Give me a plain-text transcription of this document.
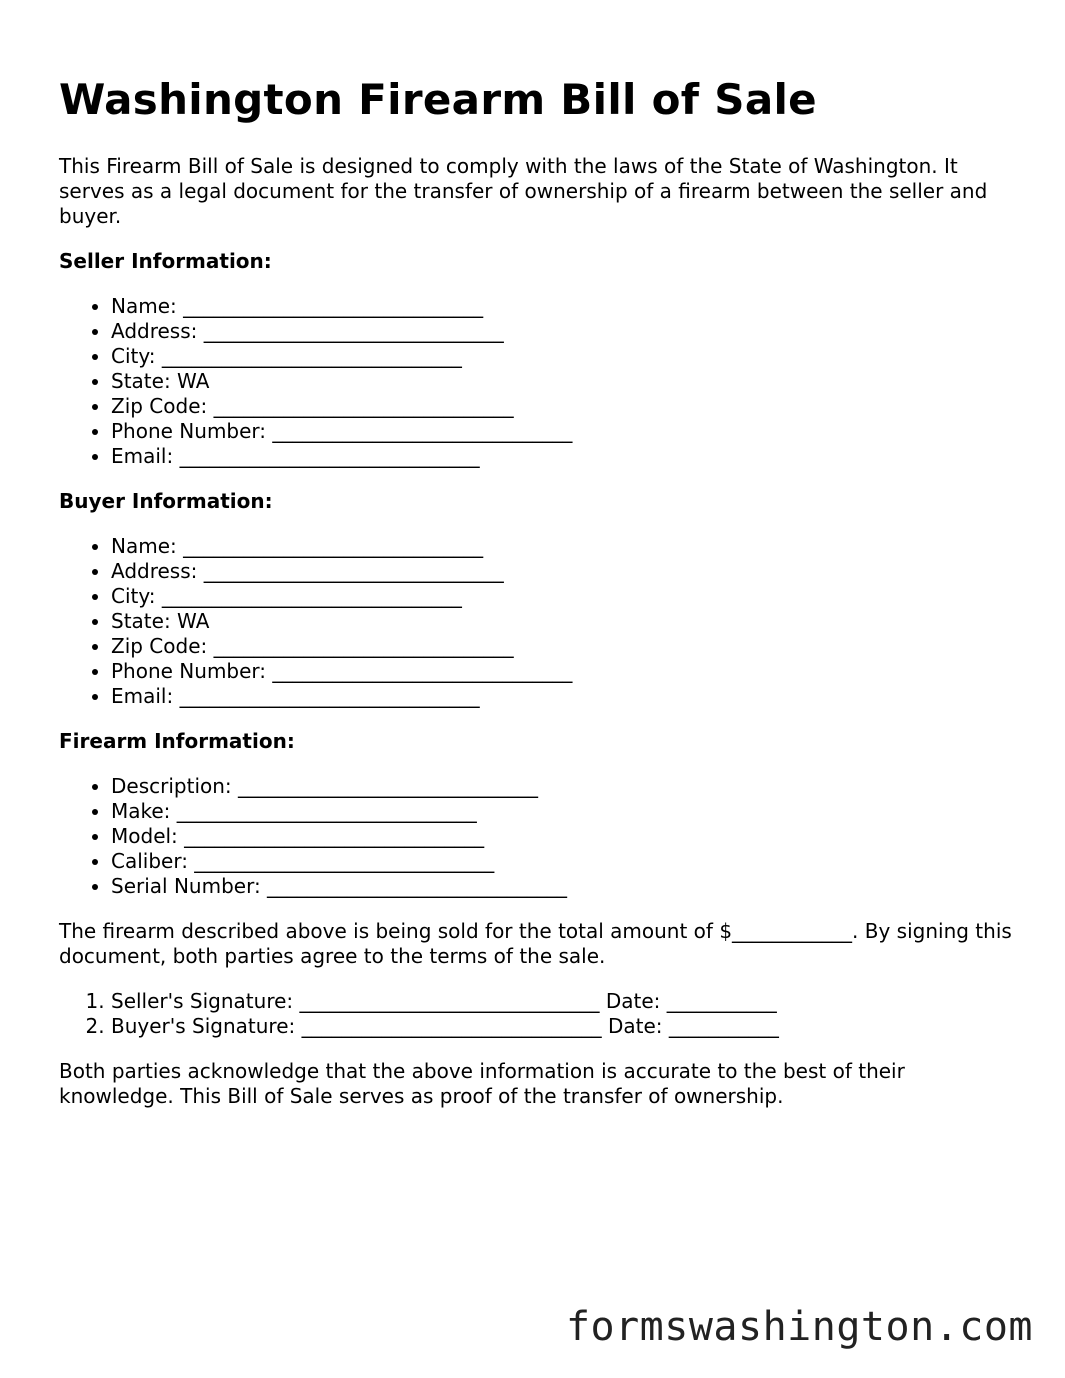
Washington Firearm Bill of Sale

This Firearm Bill of Sale is designed to comply with the laws of the State of Washington. It serves as a legal document for the transfer of ownership of a firearm between the seller and buyer.

Seller Information:
• Name: ______________________________
• Address: ______________________________
• City: ______________________________
• State: WA
• Zip Code: ______________________________
• Phone Number: ______________________________
• Email: ______________________________
Buyer Information:
• Name: ______________________________
• Address: ______________________________
• City: ______________________________
• State: WA
• Zip Code: ______________________________
• Phone Number: ______________________________
• Email: ______________________________
Firearm Information:
• Description: ______________________________
• Make: ______________________________
• Model: ______________________________
• Caliber: ______________________________
• Serial Number: ______________________________

The firearm described above is being sold for the total amount of $____________. By signing this document, both parties agree to the terms of the sale.

1. Seller's Signature: ______________________________ Date: ___________
2. Buyer's Signature: ______________________________ Date: ___________

Both parties acknowledge that the above information is accurate to the best of their knowledge. This Bill of Sale serves as proof of the transfer of ownership.

formswashington.com
